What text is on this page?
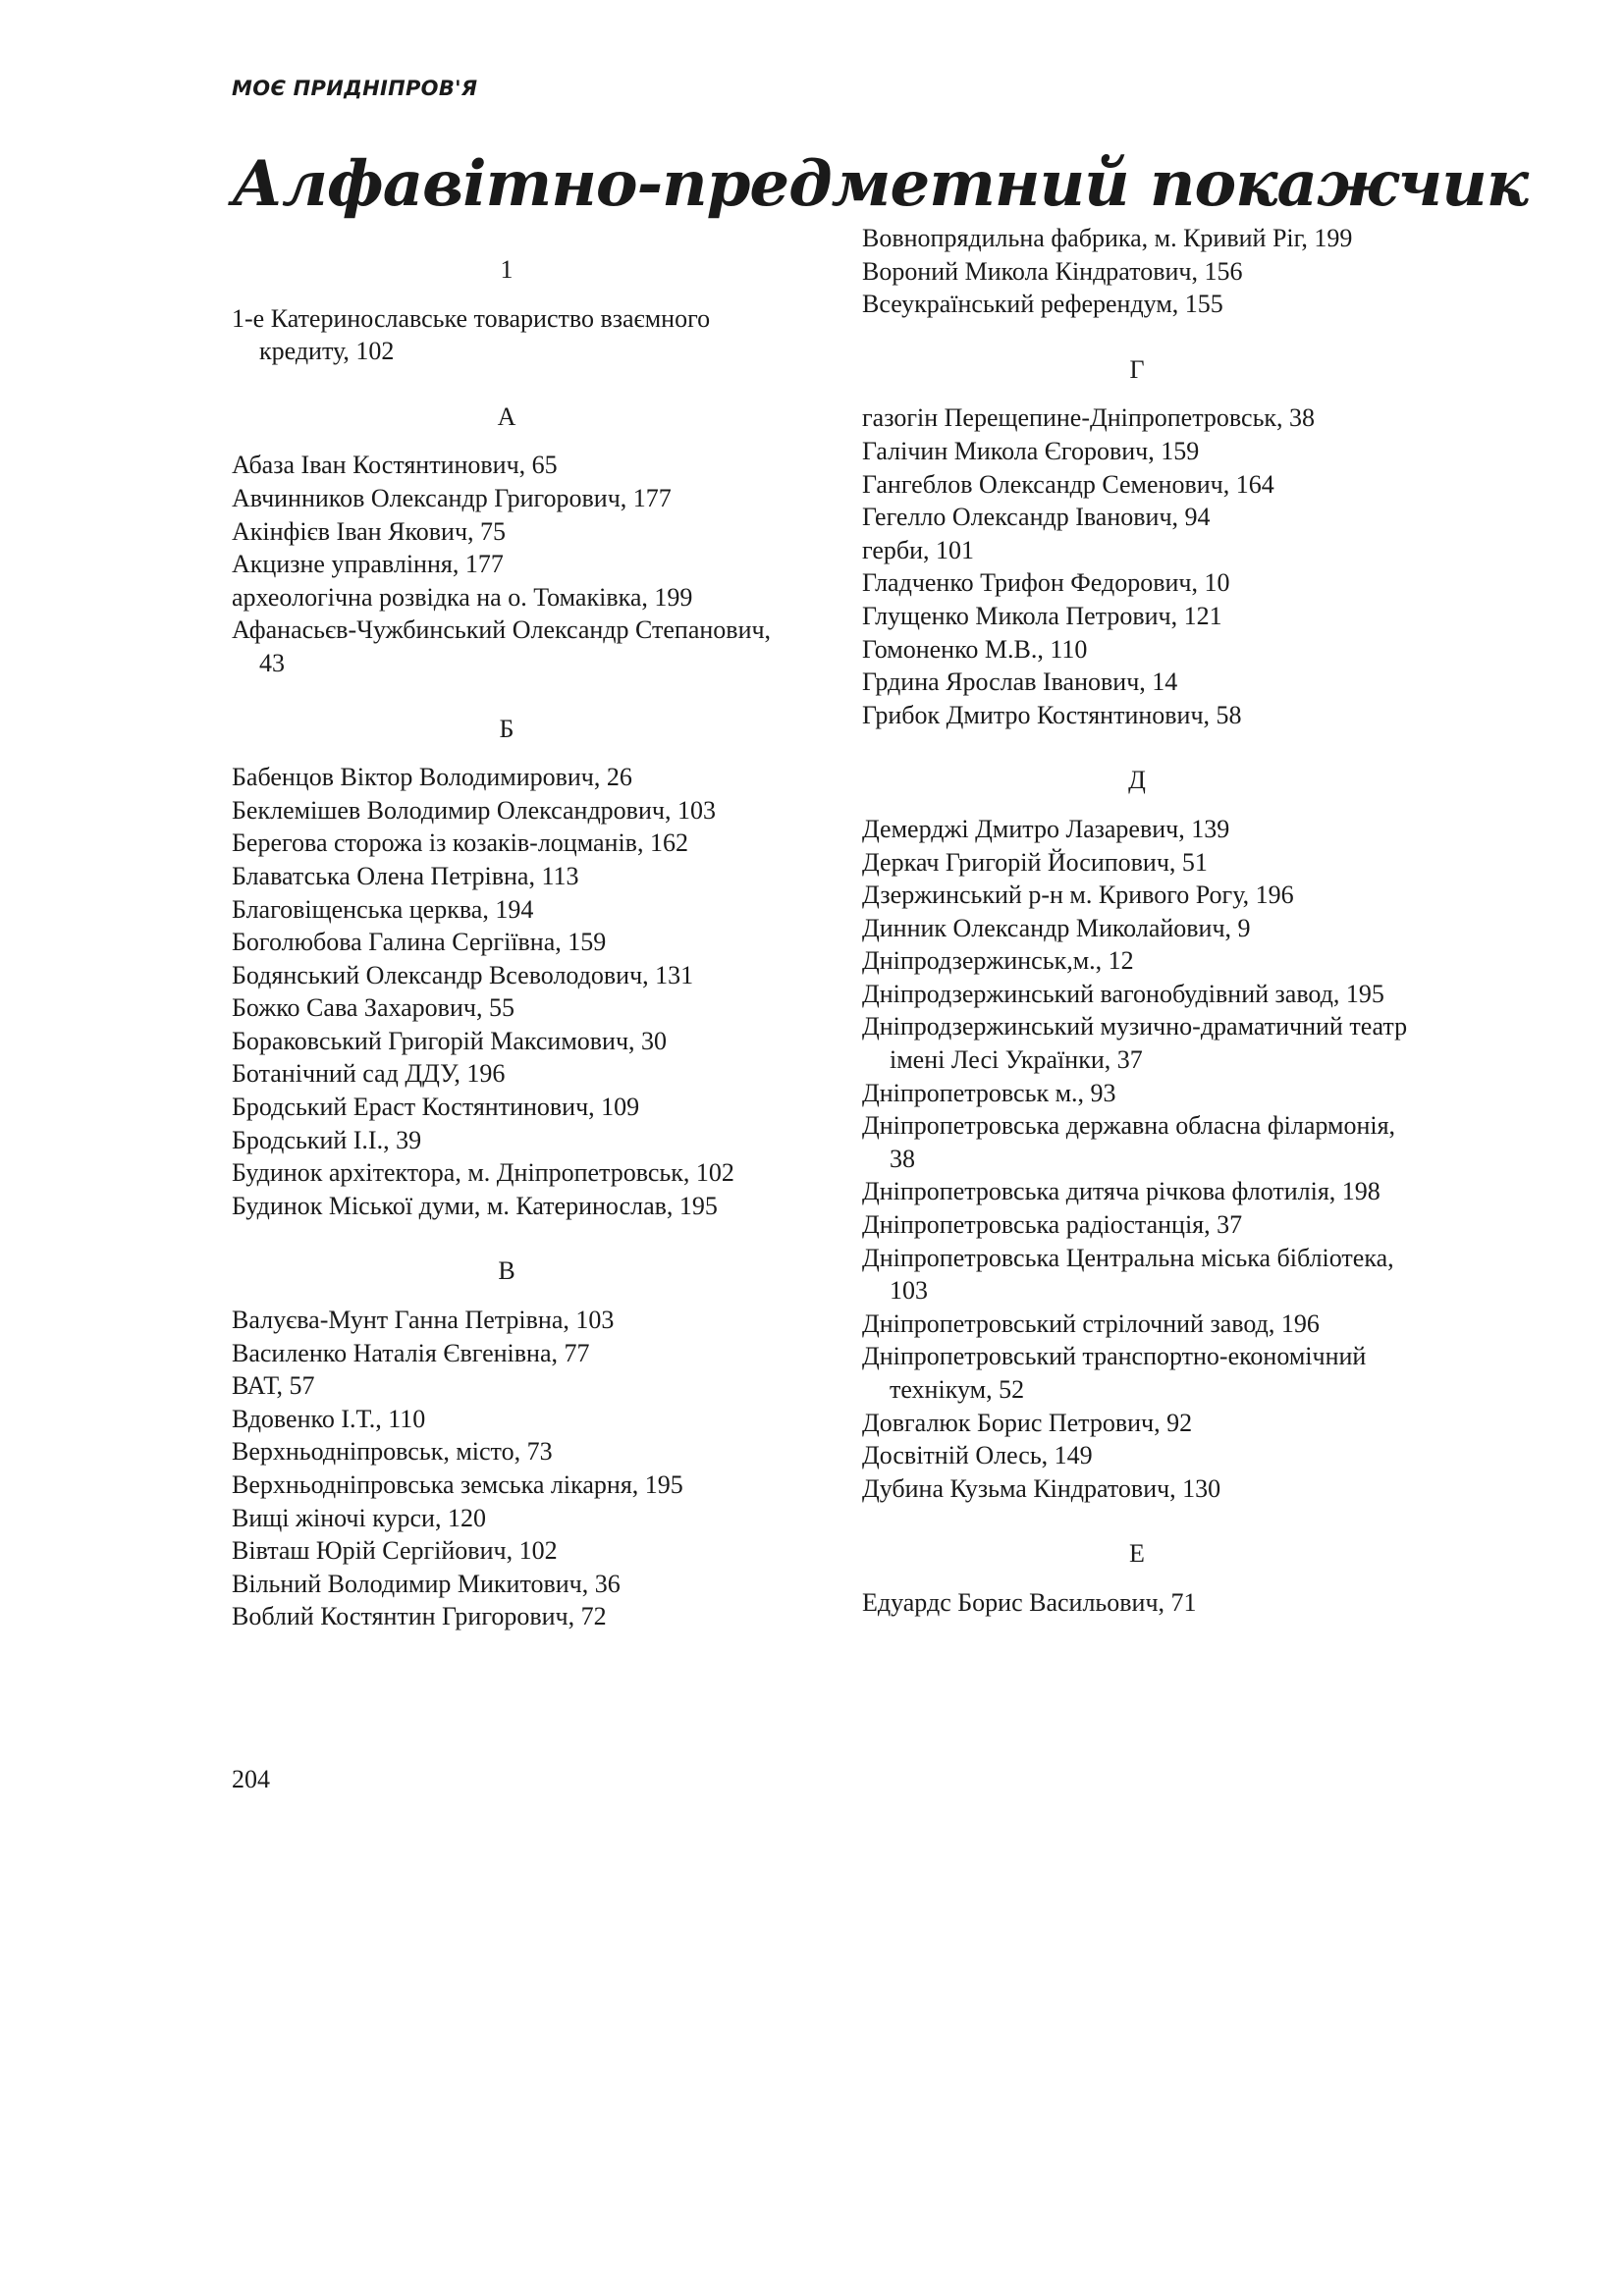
МОЄ ПРИДНІПРОВ'Я
Алфавітно-предметний покажчик
1
1-е Катеринославське товариство взаємного кредиту, 102
А
Абаза Іван Костянтинович, 65
Авчинников Олександр Григорович, 177
Акінфієв Іван Якович, 75
Акцизне управління, 177
археологічна розвідка на о. Томаківка, 199
Афанасьєв-Чужбинський Олександр Степанович, 43
Б
Бабенцов Віктор Володимирович, 26
Беклемішев Володимир Олександрович, 103
Берегова сторожа із козаків-лоцманів, 162
Блаватська Олена Петрівна, 113
Благовіщенська церква, 194
Боголюбова Галина Сергіївна, 159
Бодянський Олександр Всеволодович, 131
Божко Сава Захарович, 55
Бораковський Григорій Максимович, 30
Ботанічний сад ДДУ, 196
Бродський Ераст Костянтинович, 109
Бродський І.І., 39
Будинок архітектора, м. Дніпропетровськ, 102
Будинок Міської думи, м. Катеринослав, 195
В
Валуєва-Мунт Ганна Петрівна, 103
Василенко Наталія Євгенівна, 77
ВАТ, 57
Вдовенко І.Т., 110
Верхньодніпровськ, місто, 73
Верхньодніпровська земська лікарня, 195
Вищі жіночі курси, 120
Вівташ Юрій Сергійович, 102
Вільний Володимир Микитович, 36
Воблий Костянтин Григорович, 72
Вовнопрядильна фабрика, м. Кривий Ріг, 199
Вороний Микола Кіндратович, 156
Всеукраїнський референдум, 155
Г
газогін Перещепине-Дніпропетровськ, 38
Галічин Микола Єгорович, 159
Гангеблов Олександр Семенович, 164
Гегелло Олександр Іванович, 94
герби, 101
Гладченко Трифон Федорович, 10
Глущенко Микола Петрович, 121
Гомоненко М.В., 110
Грдина Ярослав Іванович, 14
Грибок Дмитро Костянтинович, 58
Д
Демерджі Дмитро Лазаревич, 139
Деркач Григорій Йосипович, 51
Дзержинський р-н м. Кривого Рогу, 196
Динник Олександр Миколайович, 9
Дніпродзержинськ,м., 12
Дніпродзержинський вагонобудівний завод, 195
Дніпродзержинський музично-драматичний театр імені Лесі Українки, 37
Дніпропетровськ м., 93
Дніпропетровська державна обласна філармонія, 38
Дніпропетровська дитяча річкова флотилія, 198
Дніпропетровська радіостанція, 37
Дніпропетровська Центральна міська бібліотека, 103
Дніпропетровський стрілочний завод, 196
Дніпропетровський транспортно-економічний технікум, 52
Довгалюк Борис Петрович, 92
Досвітній Олесь, 149
Дубина Кузьма Кіндратович, 130
Е
Едуардс Борис Васильович, 71
204
